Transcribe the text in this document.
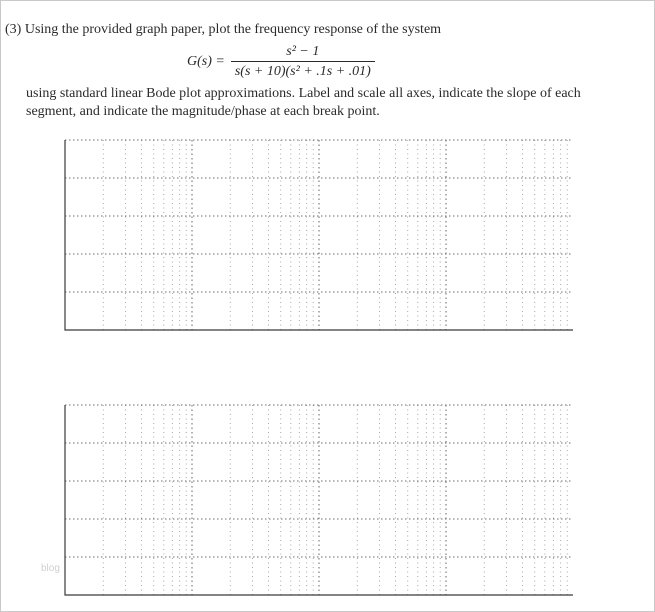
(3) Using the provided graph paper, plot the frequency response of the system
$G(s) = \frac{\text{s² − 1}}{\text{s(s + 10)(s² + .1s + .01)}}$
using standard linear Bode plot approximations. Label and scale all axes, indicate the slope of each
segment, and indicate the magnitude/phase at each break point.
blog
